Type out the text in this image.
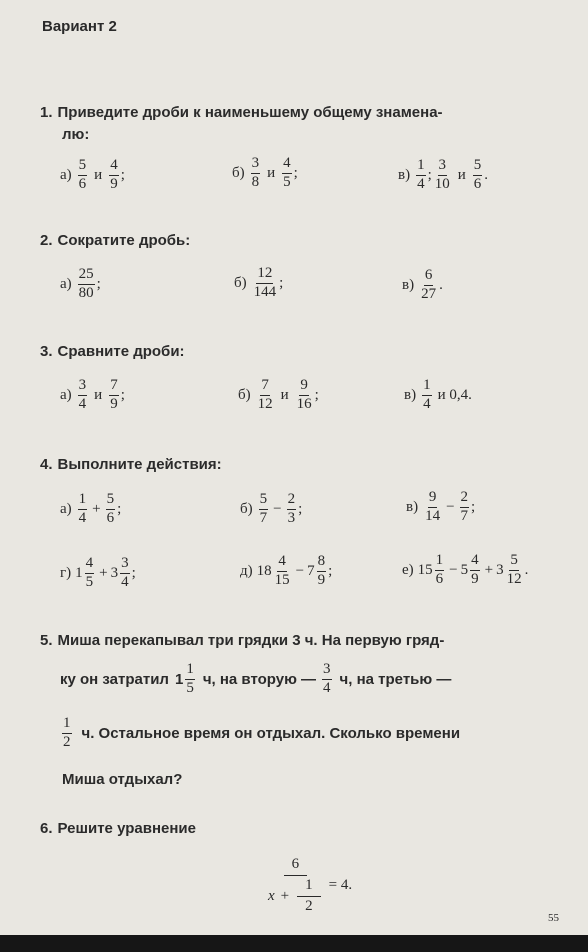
Вариант 2
1. Приведите дроби к наименьшему общему знамена-
лю:
$а) \frac{5}{6}$ и $\frac{4}{9}$ ;	$б) \frac{3}{8}$ и $\frac{4}{5}$ ;	$в) \frac{1}{4}$ ; $\frac{3}{10}$ и $\frac{5}{6}$ .
2. Сократите дробь:
$а) \frac{25}{80}$ ;	$б) \frac{12}{144}$ ;	$в) \frac{6}{27}$ .
3. Сравните дроби:
$а) \frac{3}{4}$ и $\frac{7}{9}$ ;	$б) \frac{7}{12}$ и $\frac{9}{16}$ ;	$в) \frac{1}{4}$ и 0,4.
4. Выполните действия:
$а) \frac{1}{4} + \frac{5}{6}$ ;	$б) \frac{5}{7} - \frac{2}{3}$ ;	$в) \frac{9}{14} - \frac{2}{7}$ ;
г) $1 \frac{4}{5} + 3 \frac{3}{4}$ ;	д) $18 \frac{4}{15} - 7 \frac{8}{9}$ ;	е) $15 \frac{1}{6} - 5 \frac{4}{9} + 3 \frac{5}{12}$ .
5. Миша перекапывал три грядки 3 ч. На первую гряд-
ку он затратил $1 \frac{1}{5} ч$, на вторую — $\frac{3}{4} ч$, на третью —
$\frac{1}{2} ч$. Остальное время он отдыхал. Сколько времени
Миша отдыхал?
6. Решите уравнение
$\frac{6}{x + \frac{1}{2}} = 4$.
55
